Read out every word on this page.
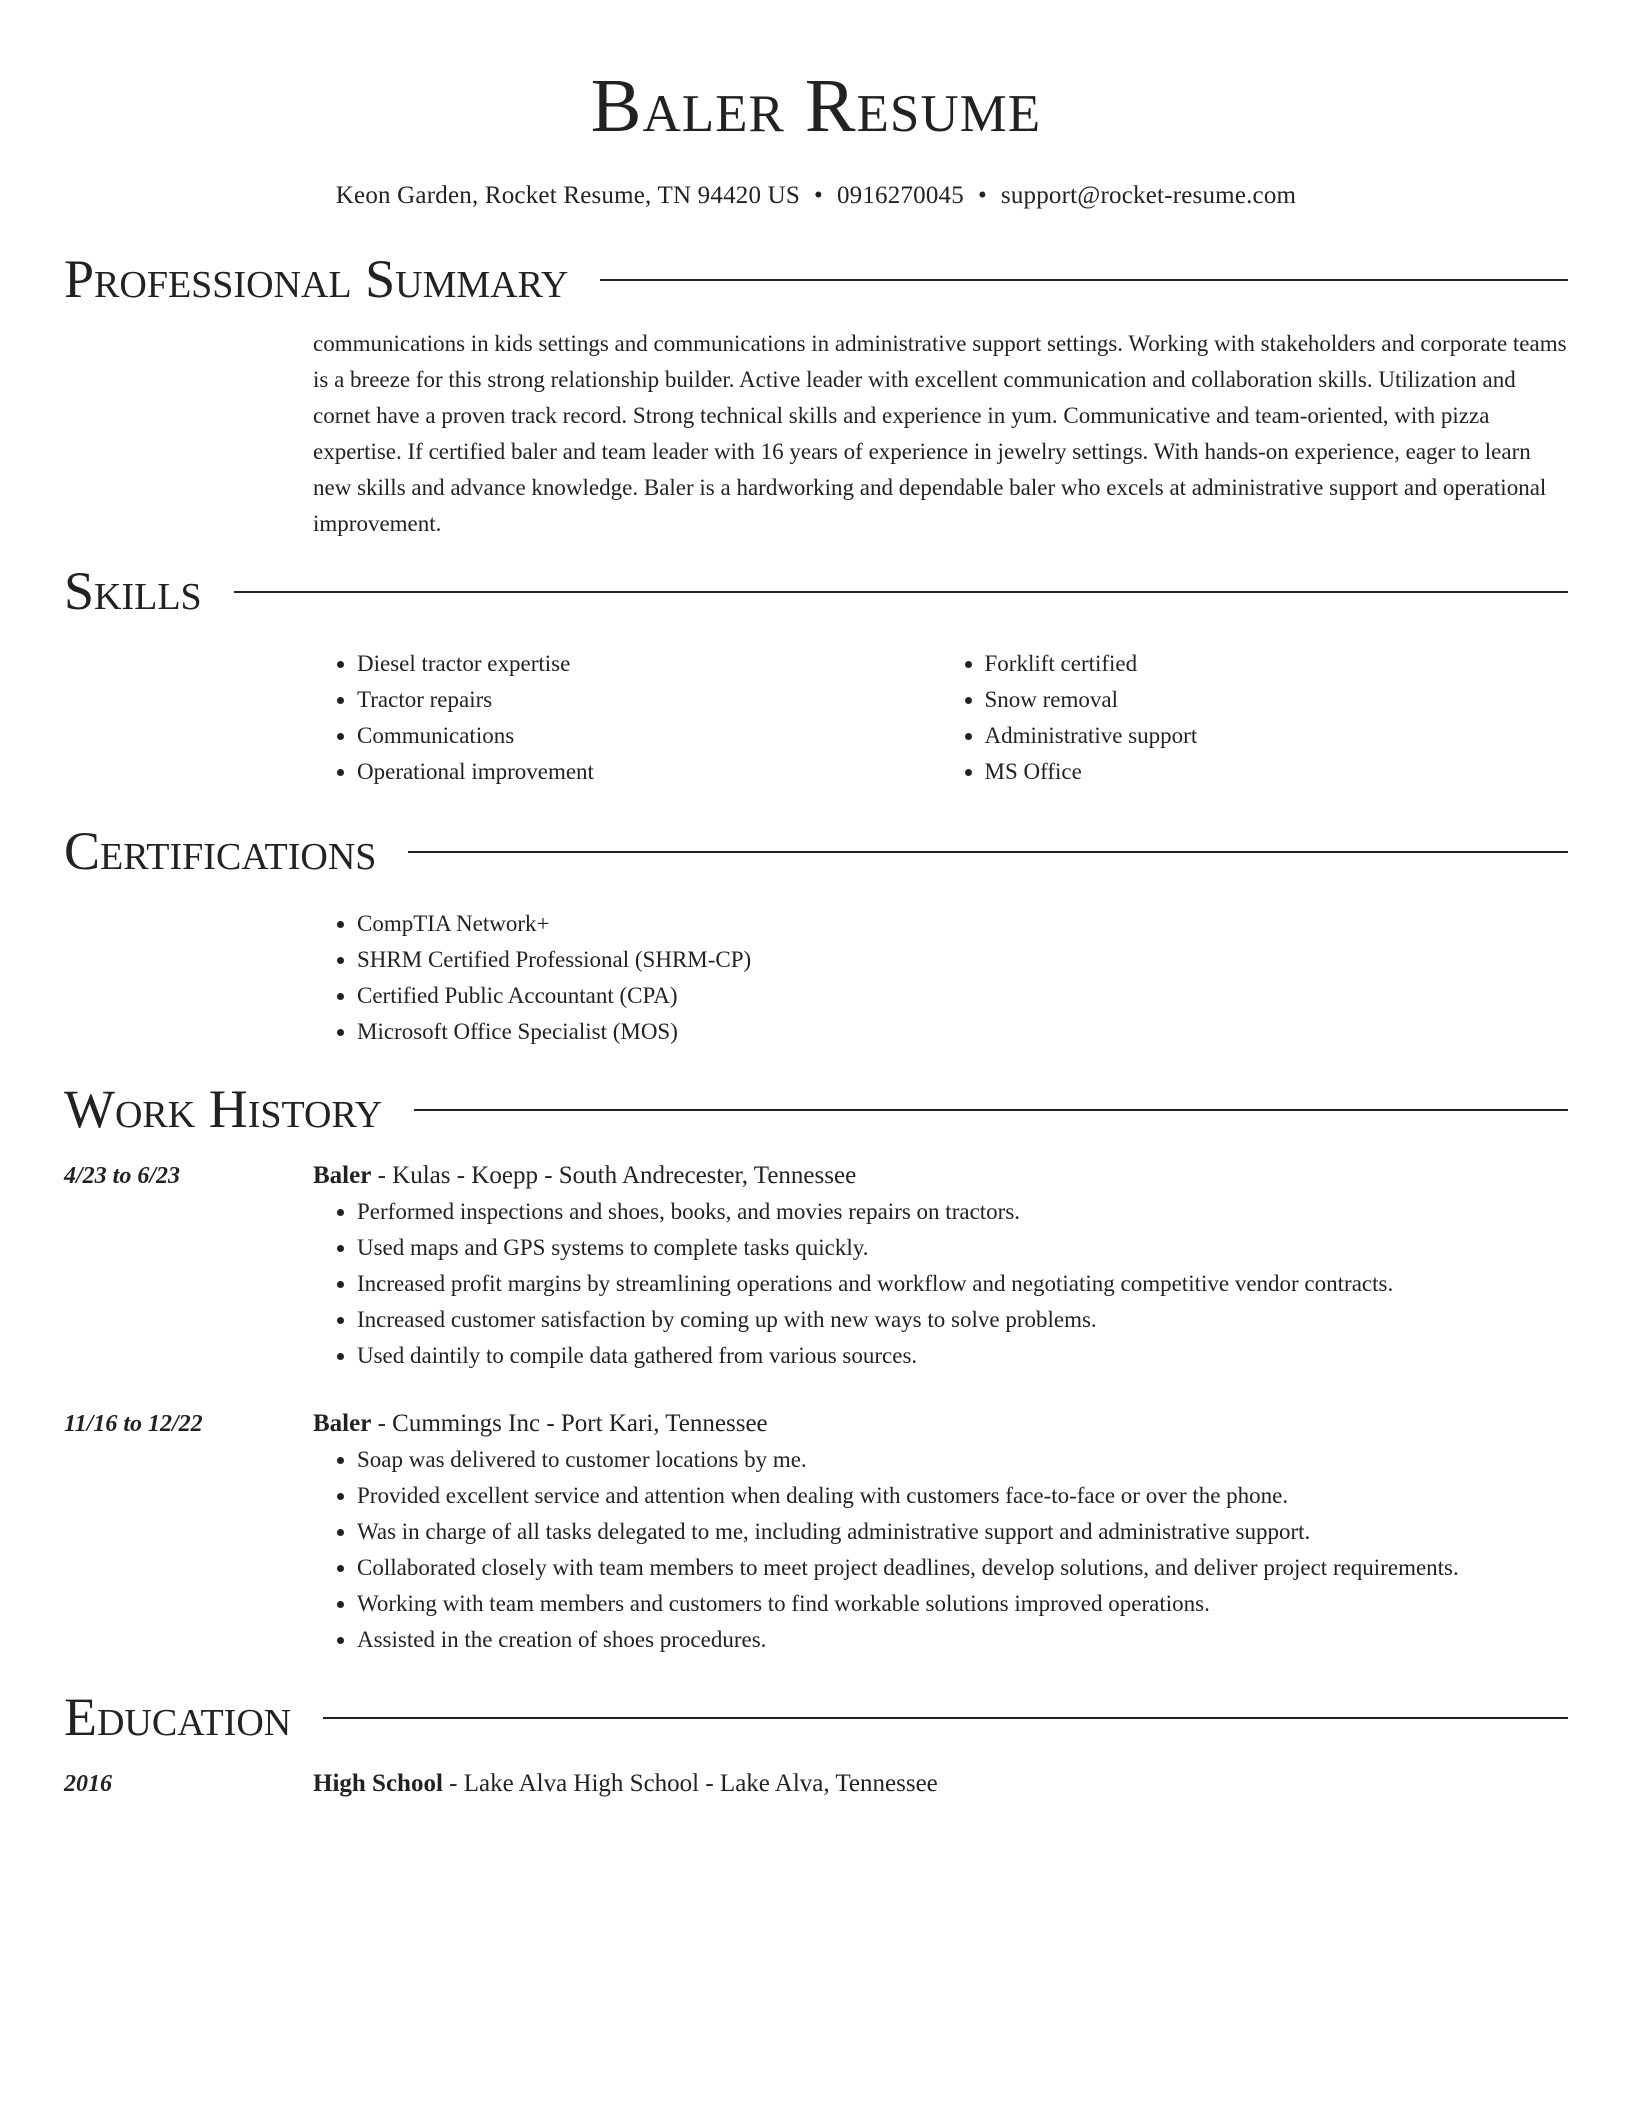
Baler Resume
Keon Garden, Rocket Resume, TN 94420 US • 0916270045 • support@rocket-resume.com
Professional Summary

communications in kids settings and communications in administrative support settings. Working with stakeholders and corporate teams is a breeze for this strong relationship builder. Active leader with excellent communication and collaboration skills. Utilization and cornet have a proven track record. Strong technical skills and experience in yum. Communicative and team-oriented, with pizza expertise. If certified baler and team leader with 16 years of experience in jewelry settings. With hands-on experience, eager to learn new skills and advance knowledge. Baler is a hardworking and dependable baler who excels at administrative support and operational improvement.

Skills
• Diesel tractor expertise
• Tractor repairs
• Communications
• Operational improvement
• Forklift certified
• Snow removal
• Administrative support
• MS Office
Certifications
• CompTIA Network+
• SHRM Certified Professional (SHRM-CP)
• Certified Public Accountant (CPA)
• Microsoft Office Specialist (MOS)
Work History
4/23 to 6/23	Baler - Kulas - Koepp - South Andrecester, Tennessee
• Performed inspections and shoes, books, and movies repairs on tractors.
• Used maps and GPS systems to complete tasks quickly.
• Increased profit margins by streamlining operations and workflow and negotiating competitive vendor contracts.
• Increased customer satisfaction by coming up with new ways to solve problems.
• Used daintily to compile data gathered from various sources.
11/16 to 12/22	Baler - Cummings Inc - Port Kari, Tennessee
• Soap was delivered to customer locations by me.
• Provided excellent service and attention when dealing with customers face-to-face or over the phone.
• Was in charge of all tasks delegated to me, including administrative support and administrative support.
• Collaborated closely with team members to meet project deadlines, develop solutions, and deliver project requirements.
• Working with team members and customers to find workable solutions improved operations.
• Assisted in the creation of shoes procedures.
Education
2016	High School - Lake Alva High School - Lake Alva, Tennessee
